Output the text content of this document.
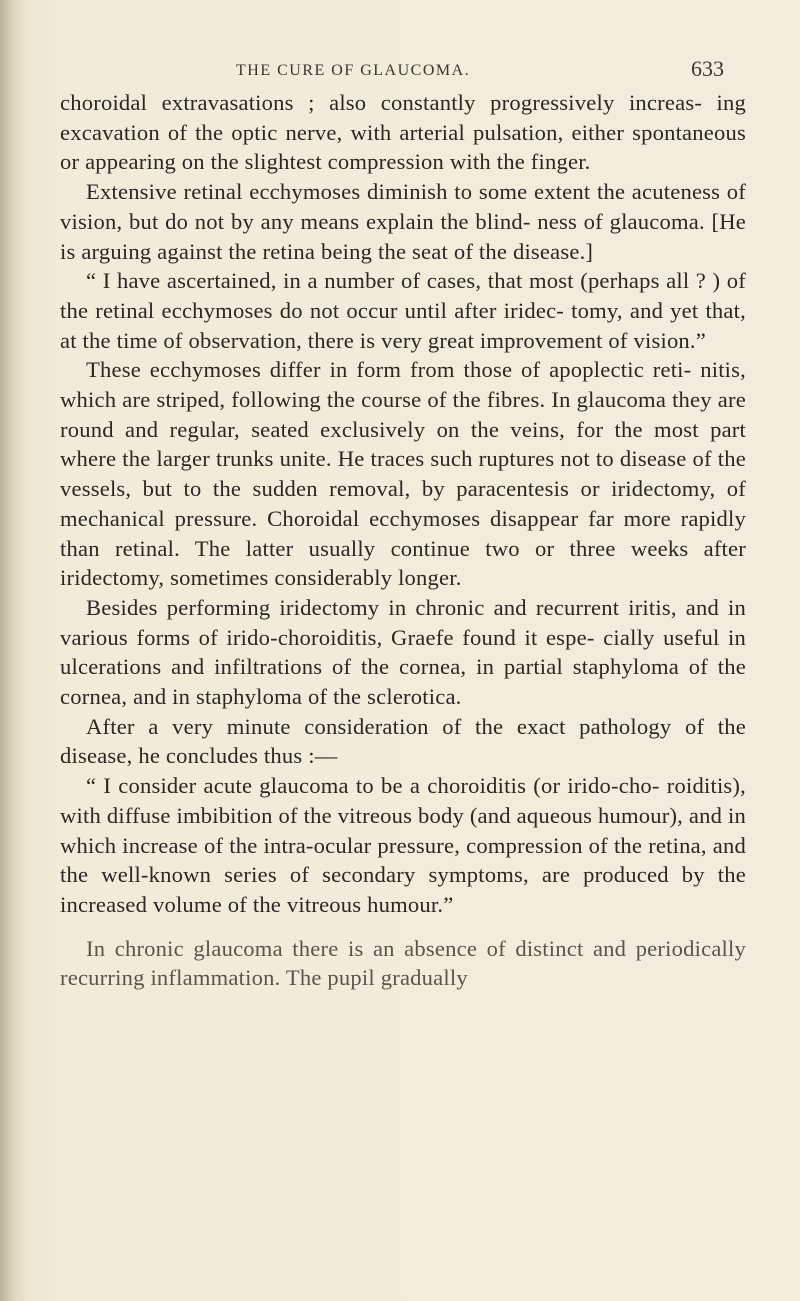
THE CURE OF GLAUCOMA.	633

choroidal extravasations ; also constantly progressively increas- ing excavation of the optic nerve, with arterial pulsation, either spontaneous or appearing on the slightest compression with the finger.

Extensive retinal ecchymoses diminish to some extent the acuteness of vision, but do not by any means explain the blind- ness of glaucoma. [He is arguing against the retina being the seat of the disease.]

“ I have ascertained, in a number of cases, that most (perhaps all ? ) of the retinal ecchymoses do not occur until after iridec- tomy, and yet that, at the time of observation, there is very great improvement of vision.”

These ecchymoses differ in form from those of apoplectic reti- nitis, which are striped, following the course of the fibres. In glaucoma they are round and regular, seated exclusively on the veins, for the most part where the larger trunks unite. He traces such ruptures not to disease of the vessels, but to the sudden removal, by paracentesis or iridectomy, of mechanical pressure. Choroidal ecchymoses disappear far more rapidly than retinal. The latter usually continue two or three weeks after iridectomy, sometimes considerably longer.

Besides performing iridectomy in chronic and recurrent iritis, and in various forms of irido-choroiditis, Graefe found it espe- cially useful in ulcerations and infiltrations of the cornea, in partial staphyloma of the cornea, and in staphyloma of the sclerotica.

After a very minute consideration of the exact pathology of the disease, he concludes thus :—

“ I consider acute glaucoma to be a choroiditis (or irido-cho- roiditis), with diffuse imbibition of the vitreous body (and aqueous humour), and in which increase of the intra-ocular pressure, compression of the retina, and the well-known series of secondary symptoms, are produced by the increased volume of the vitreous humour.”

In chronic glaucoma there is an absence of distinct and periodically recurring inflammation. The pupil gradually
